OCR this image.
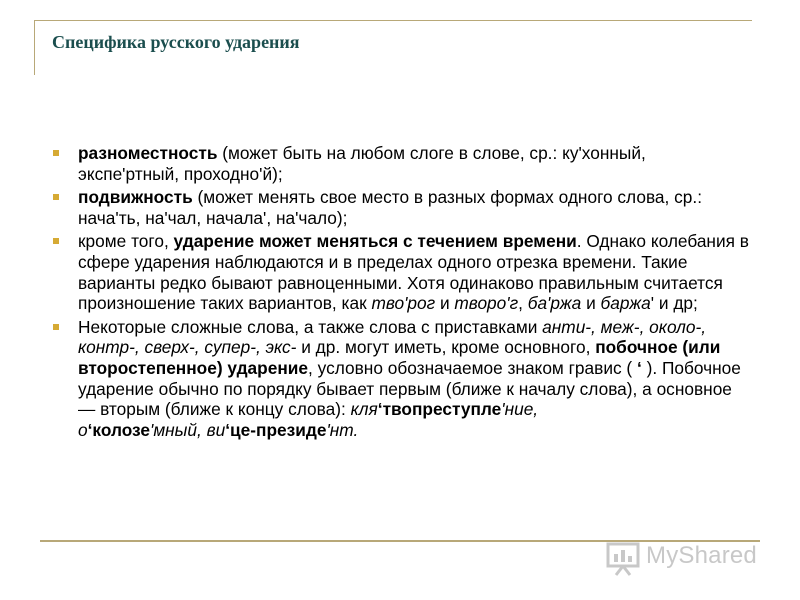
Специфика русского ударения
разноместность (может быть на любом слоге в слове, ср.: ку'хонный, экспе'ртный, проходно'й);
подвижность (может менять свое место в разных формах одного слова, ср.: нача'ть, на'чал, начала', на'чало);
кроме того, ударение может меняться с течением времени. Однако колебания в сфере ударения наблюдаются и в пределах одного отрезка времени. Такие варианты редко бывают равноценными. Хотя одинаково правильным считается произношение таких вариантов, как тво'рог и творо'г, ба'ржа и баржа' и др;
Некоторые сложные слова, а также слова с приставками анти-, меж-, около-, контр-, сверх-, супер-, экс- и др. могут иметь, кроме основного, побочное (или второстепенное) ударение, условно обозначаемое знаком гравис ( ‘ ). Побочное ударение обычно по порядку бывает первым (ближе к началу слова), а основное — вторым (ближе к концу слова): кля‘твопреступле'ние,
о‘колозе'мный, ви‘це-президе'нт.
MyShared
